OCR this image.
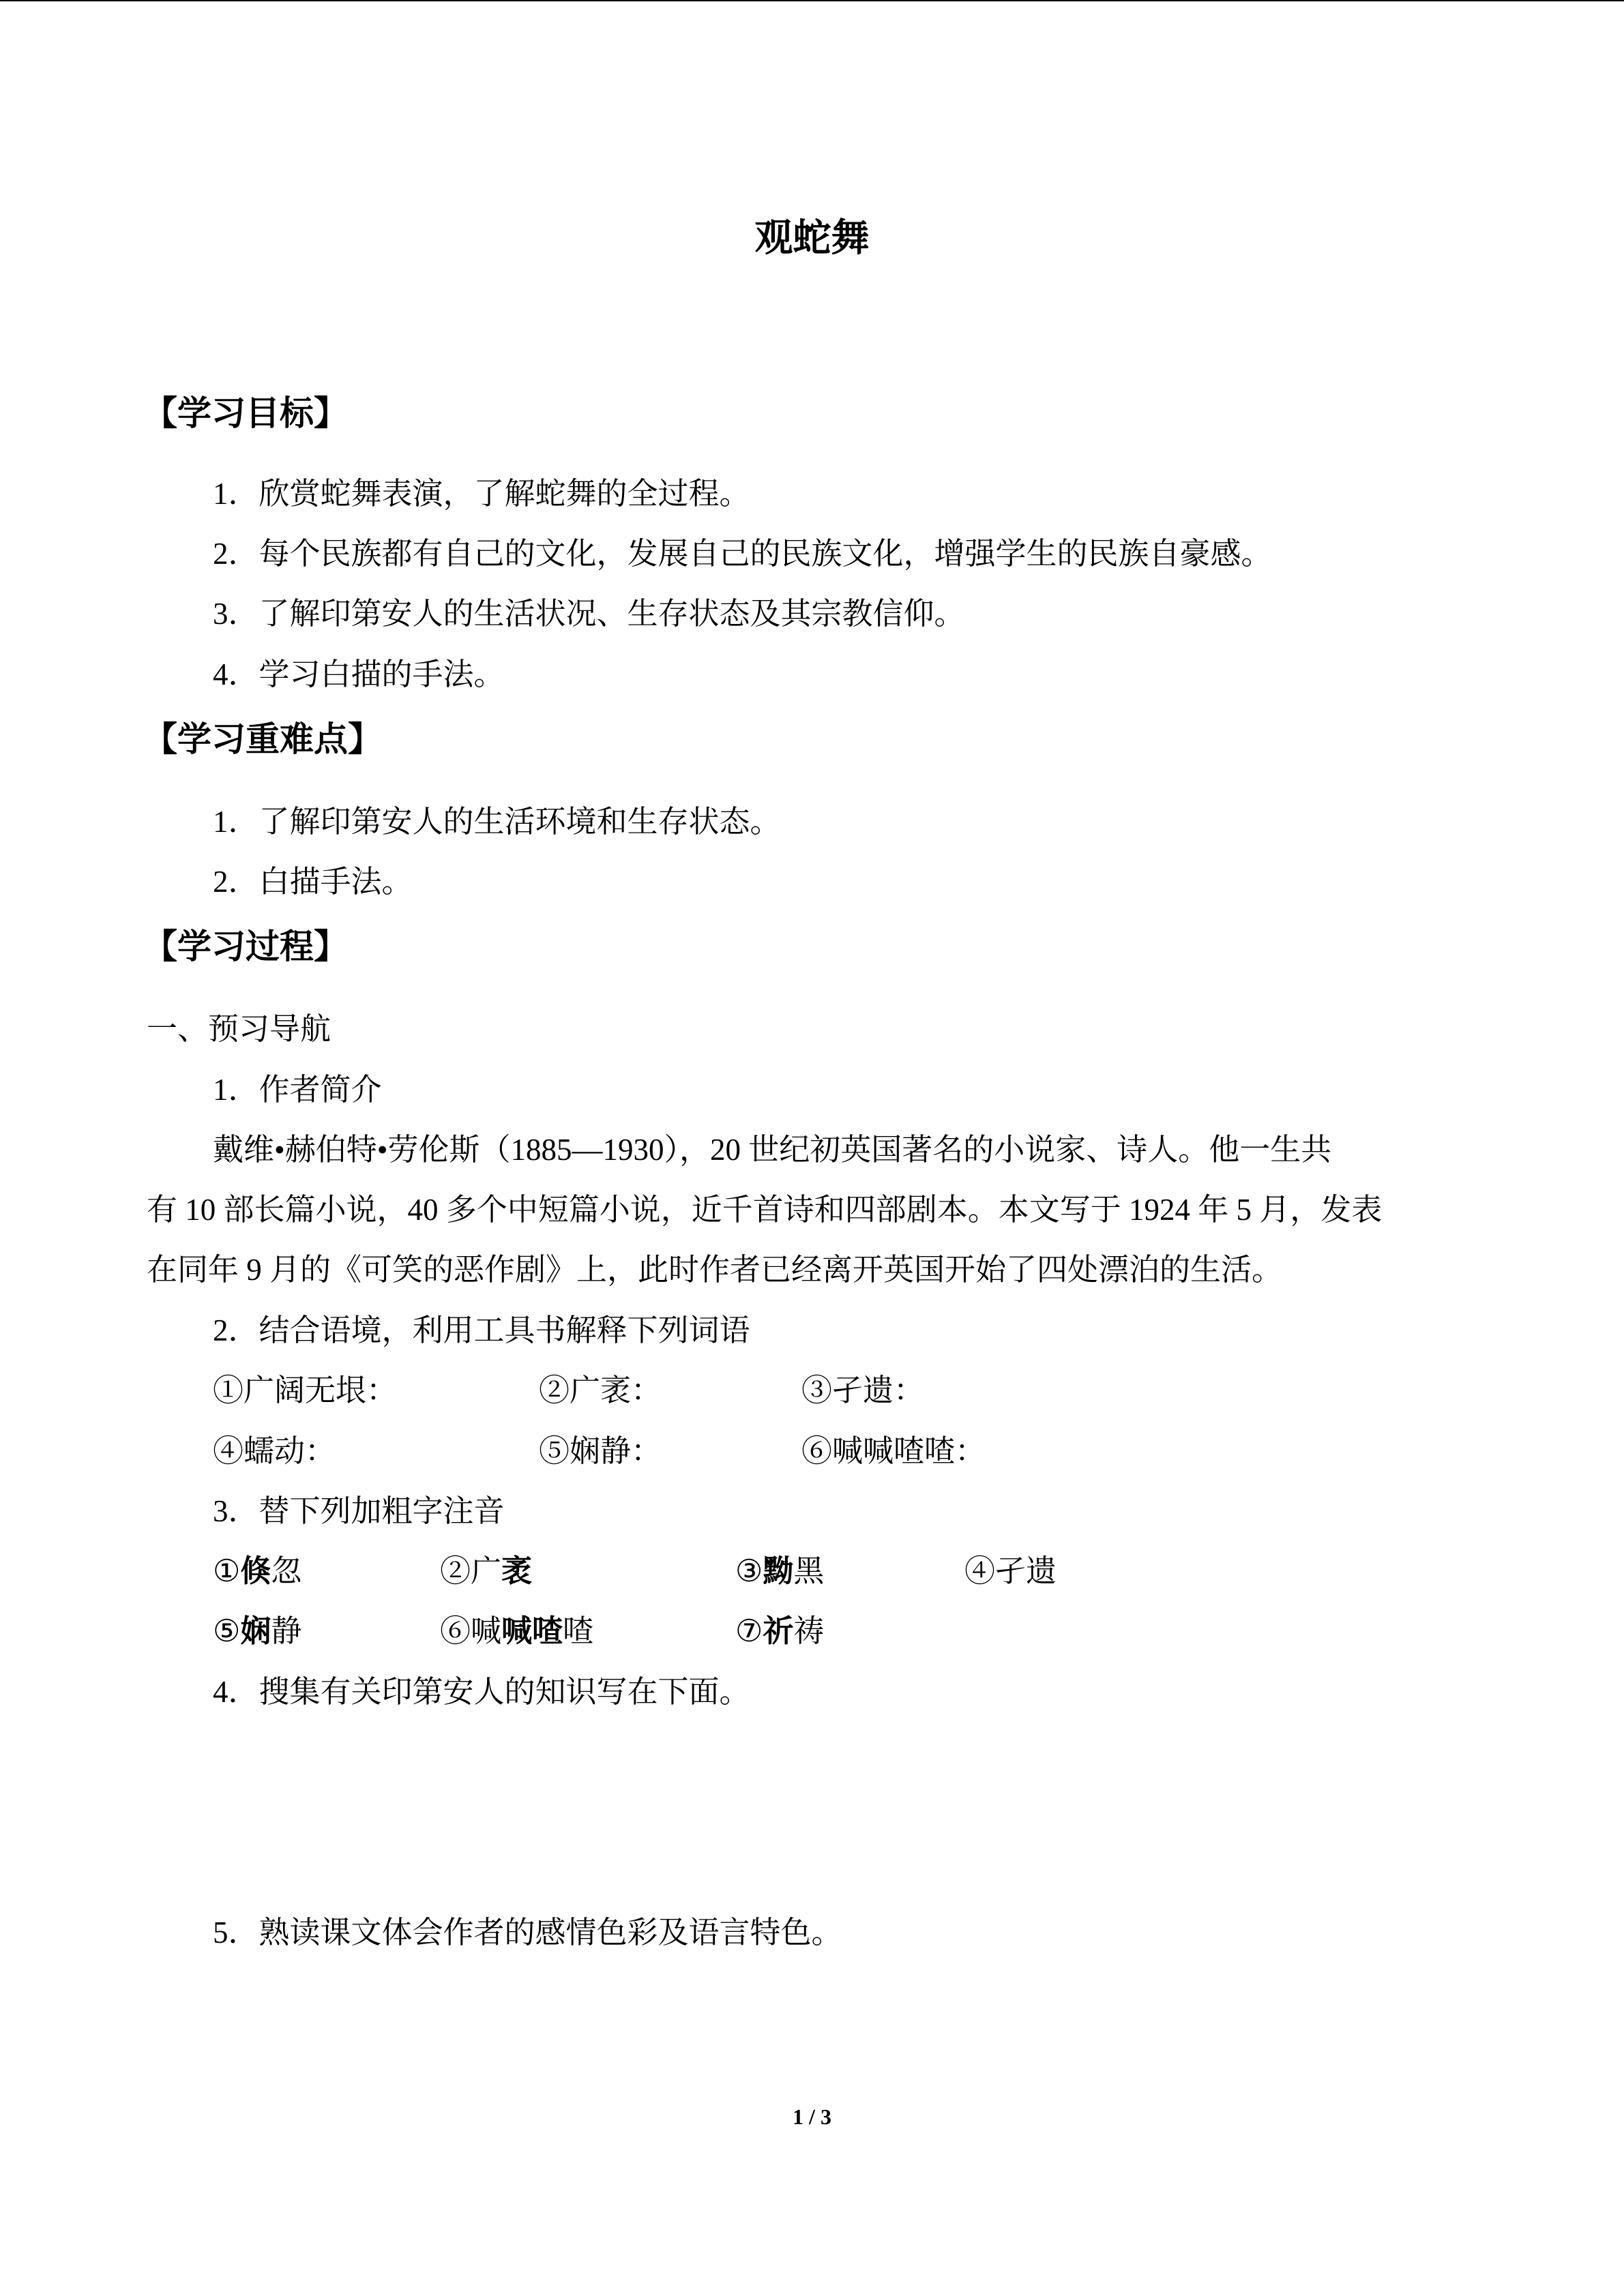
观蛇舞
【学习目标】
1．欣赏蛇舞表演，了解蛇舞的全过程。
2．每个民族都有自己的文化，发展自己的民族文化，增强学生的民族自豪感。
3．了解印第安人的生活状况、生存状态及其宗教信仰。
4．学习白描的手法。
【学习重难点】
1．了解印第安人的生活环境和生存状态。
2．白描手法。
【学习过程】
一、预习导航
1．作者简介
戴维•赫伯特•劳伦斯（1885—1930），20 世纪初英国著名的小说家、诗人。他一生共
有 10 部长篇小说，40 多个中短篇小说，近千首诗和四部剧本。本文写于 1924 年 5 月，发表
在同年 9 月的《可笑的恶作剧》上，此时作者已经离开英国开始了四处漂泊的生活。
2．结合语境，利用工具书解释下列词语
①广阔无垠：	②广袤：	③孑遗：
④蠕动：	⑤娴静：	⑥喊喊喳喳：
3．替下列加粗字注音
①倏忽	②广袤	③黝黑	④孑遗
⑤娴静	⑥喊喊喳喳	⑦祈祷
4．搜集有关印第安人的知识写在下面。
5．熟读课文体会作者的感情色彩及语言特色。
1 / 3
